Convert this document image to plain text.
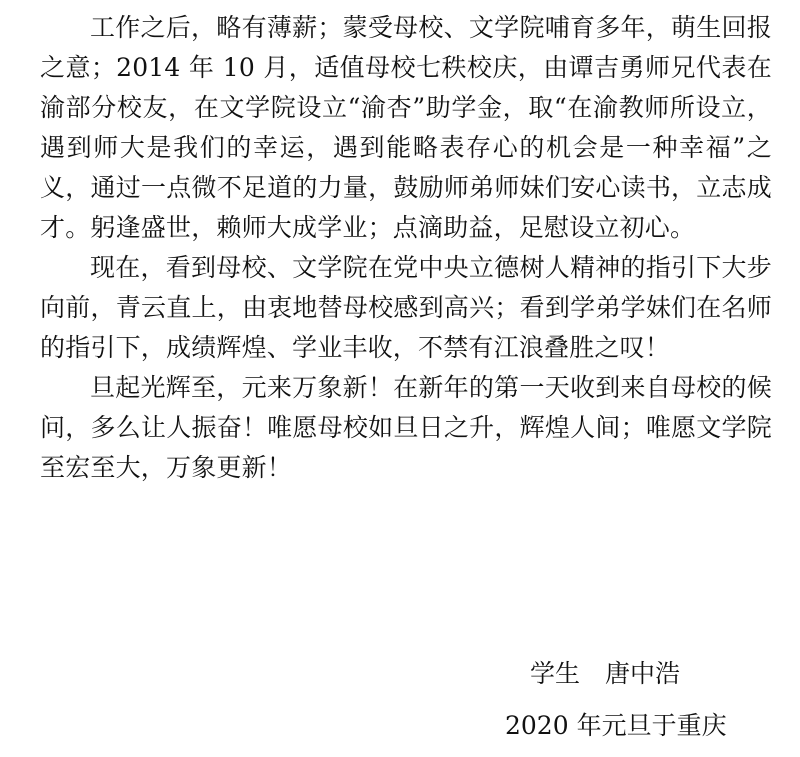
工作之后，略有薄薪；蒙受母校、文学院哺育多年，萌生回报之意；2014 年 10 月，适值母校七秩校庆，由谭吉勇师兄代表在渝部分校友，在文学院设立“渝杏”助学金，取“在渝教师所设立，遇到师大是我们的幸运，遇到能略表存心的机会是一种幸福”之义，通过一点微不足道的力量，鼓励师弟师妹们安心读书，立志成才。躬逢盛世，赖师大成学业；点滴助益，足慰设立初心。

现在，看到母校、文学院在党中央立德树人精神的指引下大步向前，青云直上，由衷地替母校感到高兴；看到学弟学妹们在名师的指引下，成绩辉煌、学业丰收，不禁有江浪叠胜之叹！

旦起光辉至，元来万象新！在新年的第一天收到来自母校的候问，多么让人振奋！唯愿母校如旦日之升，辉煌人间；唯愿文学院至宏至大，万象更新！

学生　唐中浩
2020 年元旦于重庆
